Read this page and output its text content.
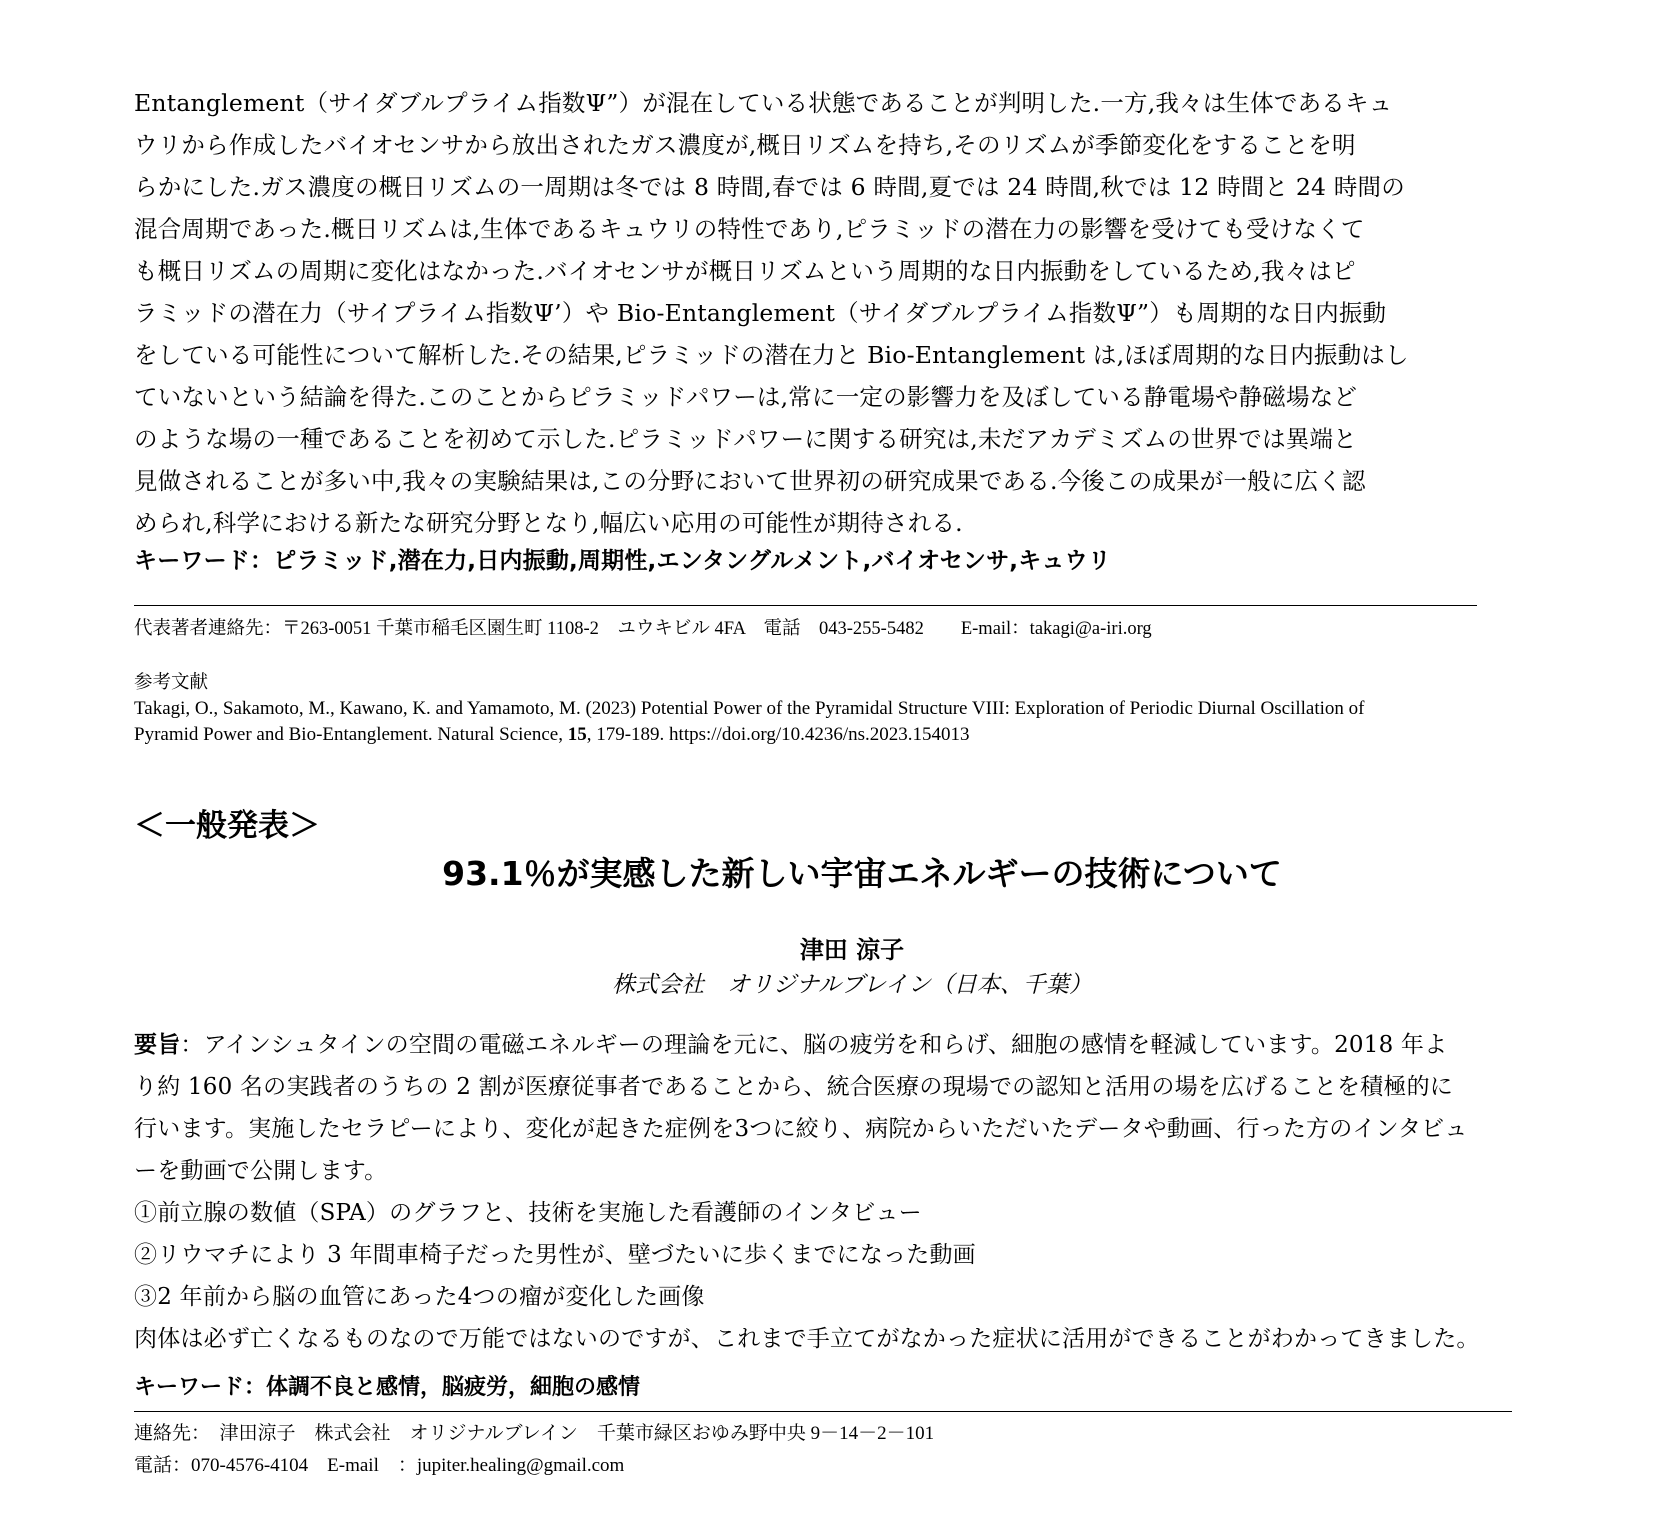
Entanglement（サイダブルプライム指数Ψ”）が混在している状態であることが判明した.一方,我々は生体であるキュ
ウリから作成したバイオセンサから放出されたガス濃度が,概日リズムを持ち,そのリズムが季節変化をすることを明
らかにした.ガス濃度の概日リズムの一周期は冬では 8 時間,春では 6 時間,夏では 24 時間,秋では 12 時間と 24 時間の
混合周期であった.概日リズムは,生体であるキュウリの特性であり,ピラミッドの潜在力の影響を受けても受けなくて
も概日リズムの周期に変化はなかった.バイオセンサが概日リズムという周期的な日内振動をしているため,我々はピ
ラミッドの潜在力（サイプライム指数Ψ’）や Bio-Entanglement（サイダブルプライム指数Ψ”）も周期的な日内振動
をしている可能性について解析した.その結果,ピラミッドの潜在力と Bio-Entanglement は,ほぼ周期的な日内振動はし
ていないという結論を得た.このことからピラミッドパワーは,常に一定の影響力を及ぼしている静電場や静磁場など
のような場の一種であることを初めて示した.ピラミッドパワーに関する研究は,未だアカデミズムの世界では異端と
見做されることが多い中,我々の実験結果は,この分野において世界初の研究成果である.今後この成果が一般に広く認
められ,科学における新たな研究分野となり,幅広い応用の可能性が期待される.
キーワード：ピラミッド,潜在力,日内振動,周期性,エンタングルメント,バイオセンサ,キュウリ
代表著者連絡先：〒263-0051 千葉市稲毛区園生町 1108-2　ユウキビル 4FA　電話　043-255-5482　　E-mail：takagi@a-iri.org
参考文献
Takagi, O., Sakamoto, M., Kawano, K. and Yamamoto, M. (2023) Potential Power of the Pyramidal Structure VIII: Exploration of Periodic Diurnal Oscillation of
Pyramid Power and Bio-Entanglement. Natural Science, 15, 179-189. https://doi.org/10.4236/ns.2023.154013
＜一般発表＞
93.1％が実感した新しい宇宙エネルギーの技術について
津田 涼子
株式会社　オリジナルブレイン（日本、千葉）
要旨：アインシュタインの空間の電磁エネルギーの理論を元に、脳の疲労を和らげ、細胞の感情を軽減しています。2018 年よ
り約 160 名の実践者のうちの 2 割が医療従事者であることから、統合医療の現場での認知と活用の場を広げることを積極的に
行います。実施したセラピーにより、変化が起きた症例を3つに絞り、病院からいただいたデータや動画、行った方のインタビュ
ーを動画で公開します。
①前立腺の数値（SPA）のグラフと、技術を実施した看護師のインタビュー
②リウマチにより 3 年間車椅子だった男性が、壁づたいに歩くまでになった動画
③2 年前から脳の血管にあった4つの瘤が変化した画像
肉体は必ず亡くなるものなので万能ではないのですが、これまで手立てがなかった症状に活用ができることがわかってきました。
キーワード：体調不良と感情，脳疲労，細胞の感情
連絡先：　津田涼子　株式会社　オリジナルブレイン　千葉市緑区おゆみ野中央 9－14－2－101
電話：070‐4576‐4104　E-mail　：jupiter.healing@gmail.com
